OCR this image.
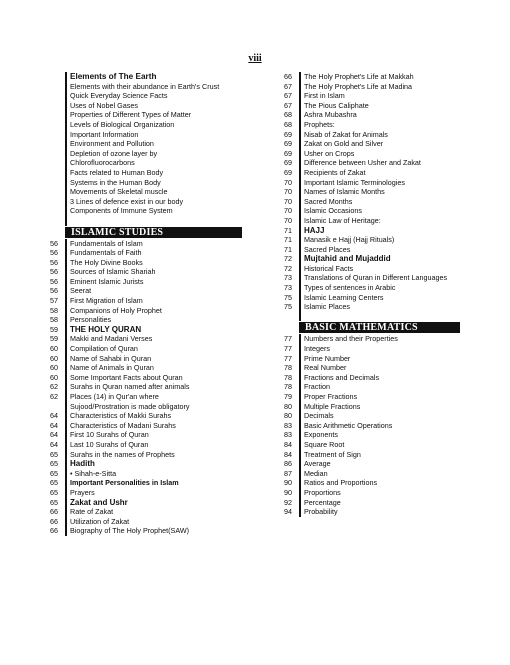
viii
Elements of The Earth
Elements with their abundance in Earth's Crust
Quick Everyday Science Facts
Uses of Nobel Gases
Properties of Different Types of Matter
Levels of Biological Organization
Important Information
Environment and Pollution
Depletion of ozone layer by
Chlorofluorocarbons
Facts related to Human Body
Systems in the Human Body
Movements of Skeletal muscle
3 Lines of defence exist in our body
Components of Immune System
ISLAMIC STUDIES
56	Fundamentals of Islam
56	Fundamentals of Faith
56	The Holy Divine Books
56	Sources of Islamic Shariah
56	Eminent Islamic Jurists
56	Seerat
57	First Migration of Islam
58	Companions of Holy Prophet
58	Personalities
59	THE HOLY QURAN
59	Makki and Madani Verses
60	Compilation of Quran
60	Name of Sahabi in Quran
60	Name of Animals in Quran
60	Some Important Facts about Quran
62	Surahs in Quran named after animals
62	Places (14) in Qur'an where
Sujood/Prostration is made obligatory
64	Characteristics of Makki Surahs
64	Characteristics of Madani Surahs
64	First 10 Surahs of Quran
64	Last 10 Surahs of Quran
65	Surahs in the names of Prophets
65	Hadith
65	• Sihah-e-Sitta
65	Important Personalities in Islam
65	Prayers
65	Zakat and Ushr
66	Rate of Zakat
66	Utilization of Zakat
66	Biography of The Holy Prophet(SAW)
66	The Holy Prophet's Life at Makkah
67	The Holy Prophet's Life at Madina
67	First in Islam
67	The Pious Caliphate
68	Ashra Mubashra
68	Prophets:
69	Nisab of Zakat for Animals
69	Zakat on Gold and Silver
69	Usher on Crops
69	Difference between Usher and Zakat
69	Recipients of Zakat
70	Important Islamic Terminologies
70	Names of Islamic Months
70	Sacred Months
70	Islamic Occasions
70	Islamic Law of Heritage:
71	HAJJ
71	Manasik e Hajj (Hajj Rituals)
71	Sacred Places
72	Mujtahid and Mujaddid
72	Historical Facts
73	Translations of Quran in Different Languages
73	Types of sentences in Arabic
75	Islamic Learning Centers
75	Islamic Places
BASIC MATHEMATICS
77	Numbers and their Properties
77	Integers
77	Prime Number
78	Real Number
78	Fractions and Decimals
78	Fraction
79	Proper Fractions
80	Multiple Fractions
80	Decimals
83	Basic Arithmetic Operations
83	Exponents
84	Square Root
84	Treatment of Sign
86	Average
87	Median
90	Ratios and Proportions
90	Proportions
92	Percentage
94	Probability
